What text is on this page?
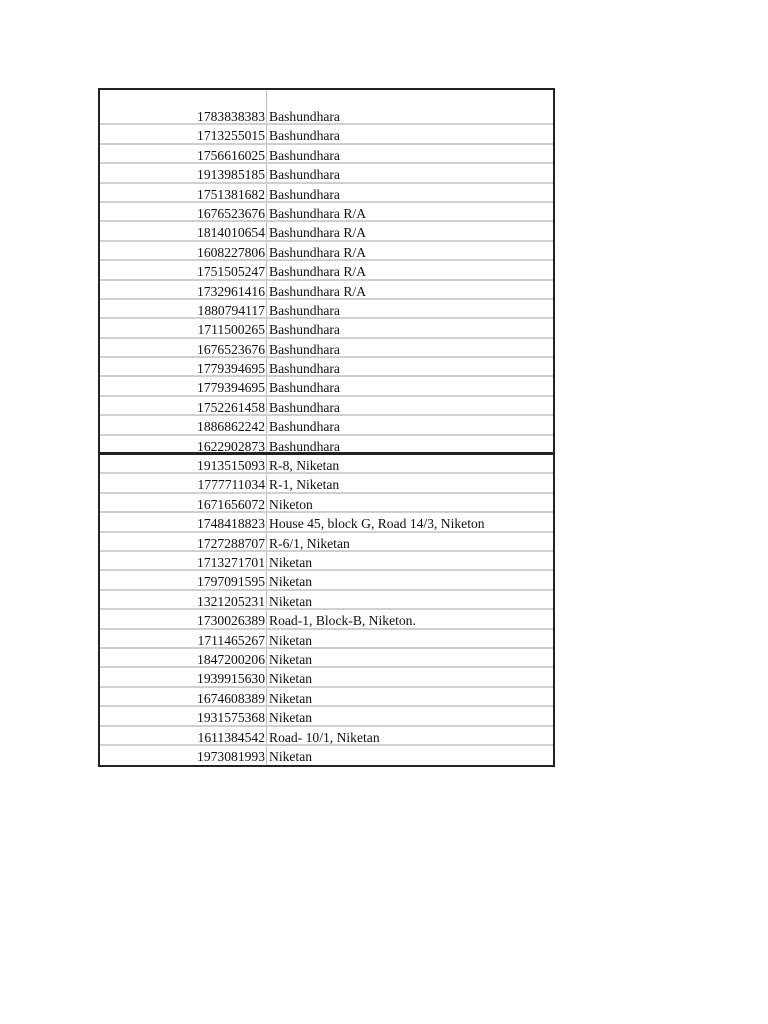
1783838383 Bashundhara
1713255015 Bashundhara
1756616025 Bashundhara
1913985185 Bashundhara
1751381682 Bashundhara
1676523676 Bashundhara R/A
1814010654 Bashundhara R/A
1608227806 Bashundhara R/A
1751505247 Bashundhara R/A
1732961416 Bashundhara R/A
1880794117 Bashundhara
1711500265 Bashundhara
1676523676 Bashundhara
1779394695 Bashundhara
1779394695 Bashundhara
1752261458 Bashundhara
1886862242 Bashundhara
1622902873 Bashundhara
1913515093 R-8, Niketan
1777711034 R-1, Niketan
1671656072 Niketon
1748418823 House 45, block G, Road 14/3, Niketon
1727288707 R-6/1, Niketan
1713271701 Niketan
1797091595 Niketan
1321205231 Niketan
1730026389 Road-1, Block-B, Niketon.
1711465267 Niketan
1847200206 Niketan
1939915630 Niketan
1674608389 Niketan
1931575368 Niketan
1611384542 Road- 10/1, Niketan
1973081993 Niketan
